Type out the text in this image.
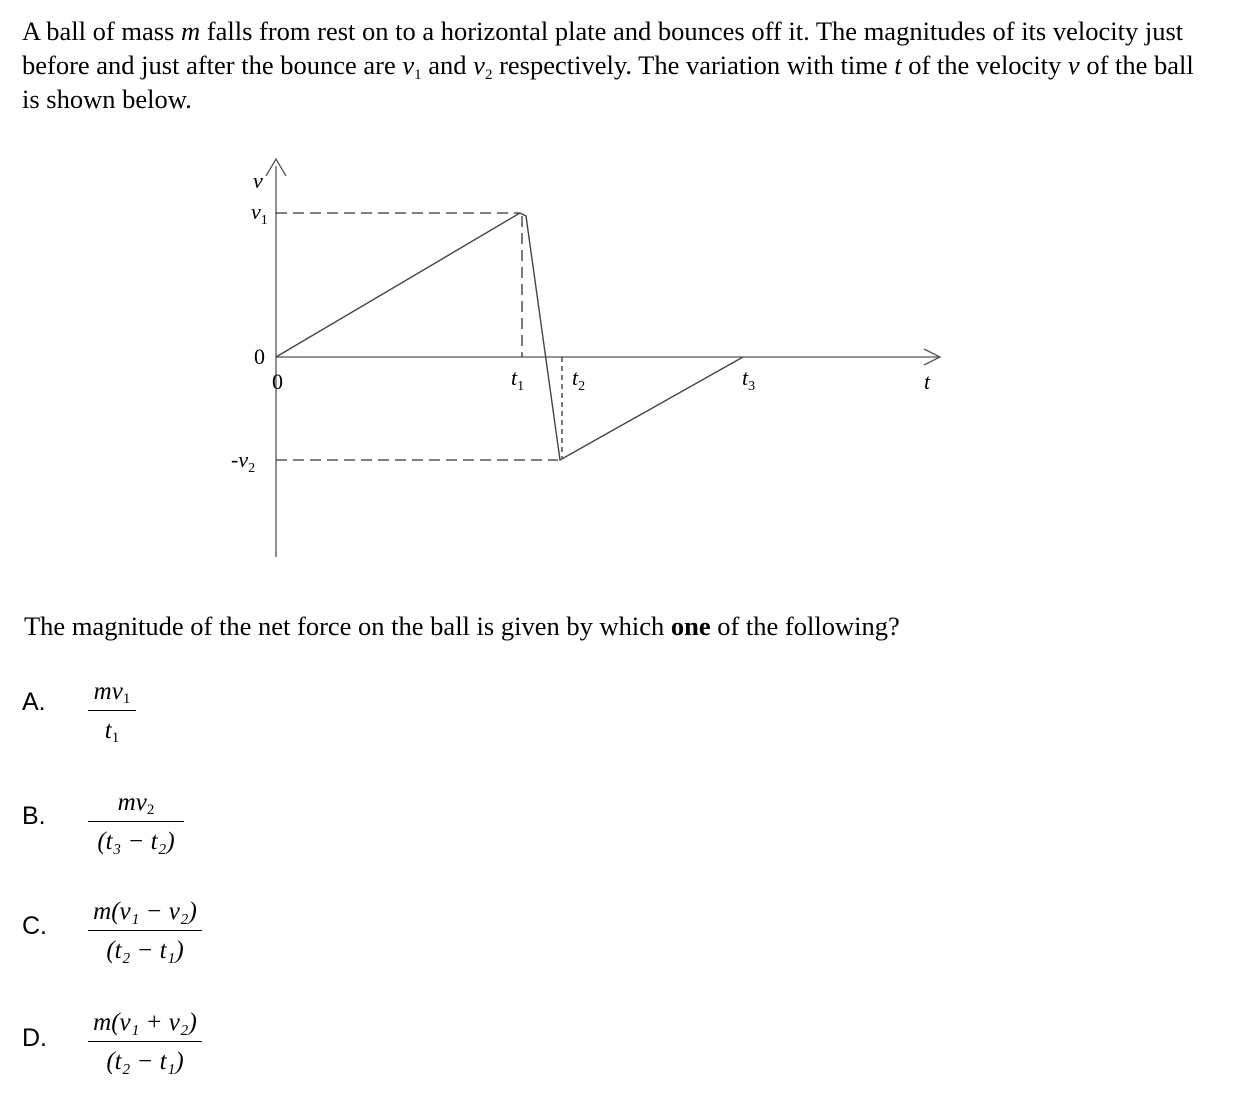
A ball of mass m falls from rest on to a horizontal plate and bounces off it. The magnitudes of its velocity just before and just after the bounce are $v_1$ and $v_2$ respectively. The variation with time t of the velocity v of the ball is shown below.

v
$v_1$
0
$-v_2$
0	$t_1$ $t_2$	$t_3$	t

The magnitude of the net force on the ball is given by which one of the following?

A. $mv_1$
$t_1$
B.	$mv_2$
(t₃ − t₂)
C.
m(v₁ − v₂)
(t₂ − t₁)
D.
m(v₁ + v₂)
(t₂ − t₁)
